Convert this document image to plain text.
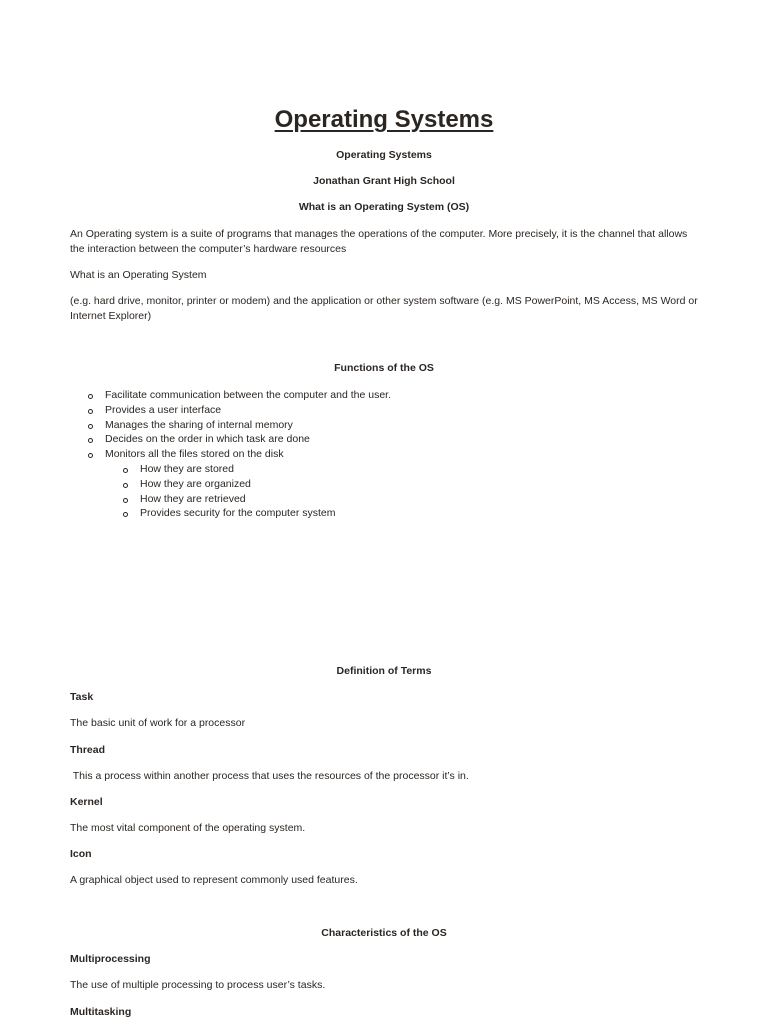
Operating Systems
Operating Systems
Jonathan Grant High School
What is an Operating System (OS)
An Operating system is a suite of programs that manages the operations of the computer. More precisely, it is the channel that allows the interaction between the computer’s hardware resources
What is an Operating System
(e.g. hard drive, monitor, printer or modem) and the application or other system software (e.g. MS PowerPoint, MS Access, MS Word or Internet Explorer)
Functions of the OS
Facilitate communication between the computer and the user.
Provides a user interface
Manages the sharing of internal memory
Decides on the order in which task are done
Monitors all the files stored on the disk
How they are stored
How they are organized
How they are retrieved
Provides security for the computer system
Definition of Terms
Task
The basic unit of work for a processor
Thread
This a process within another process that uses the resources of the processor it’s in.
Kernel
The most vital component of the operating system.
Icon
A graphical object used to represent commonly used features.
Characteristics of the OS
Multiprocessing
The use of multiple processing to process user’s tasks.
Multitasking
